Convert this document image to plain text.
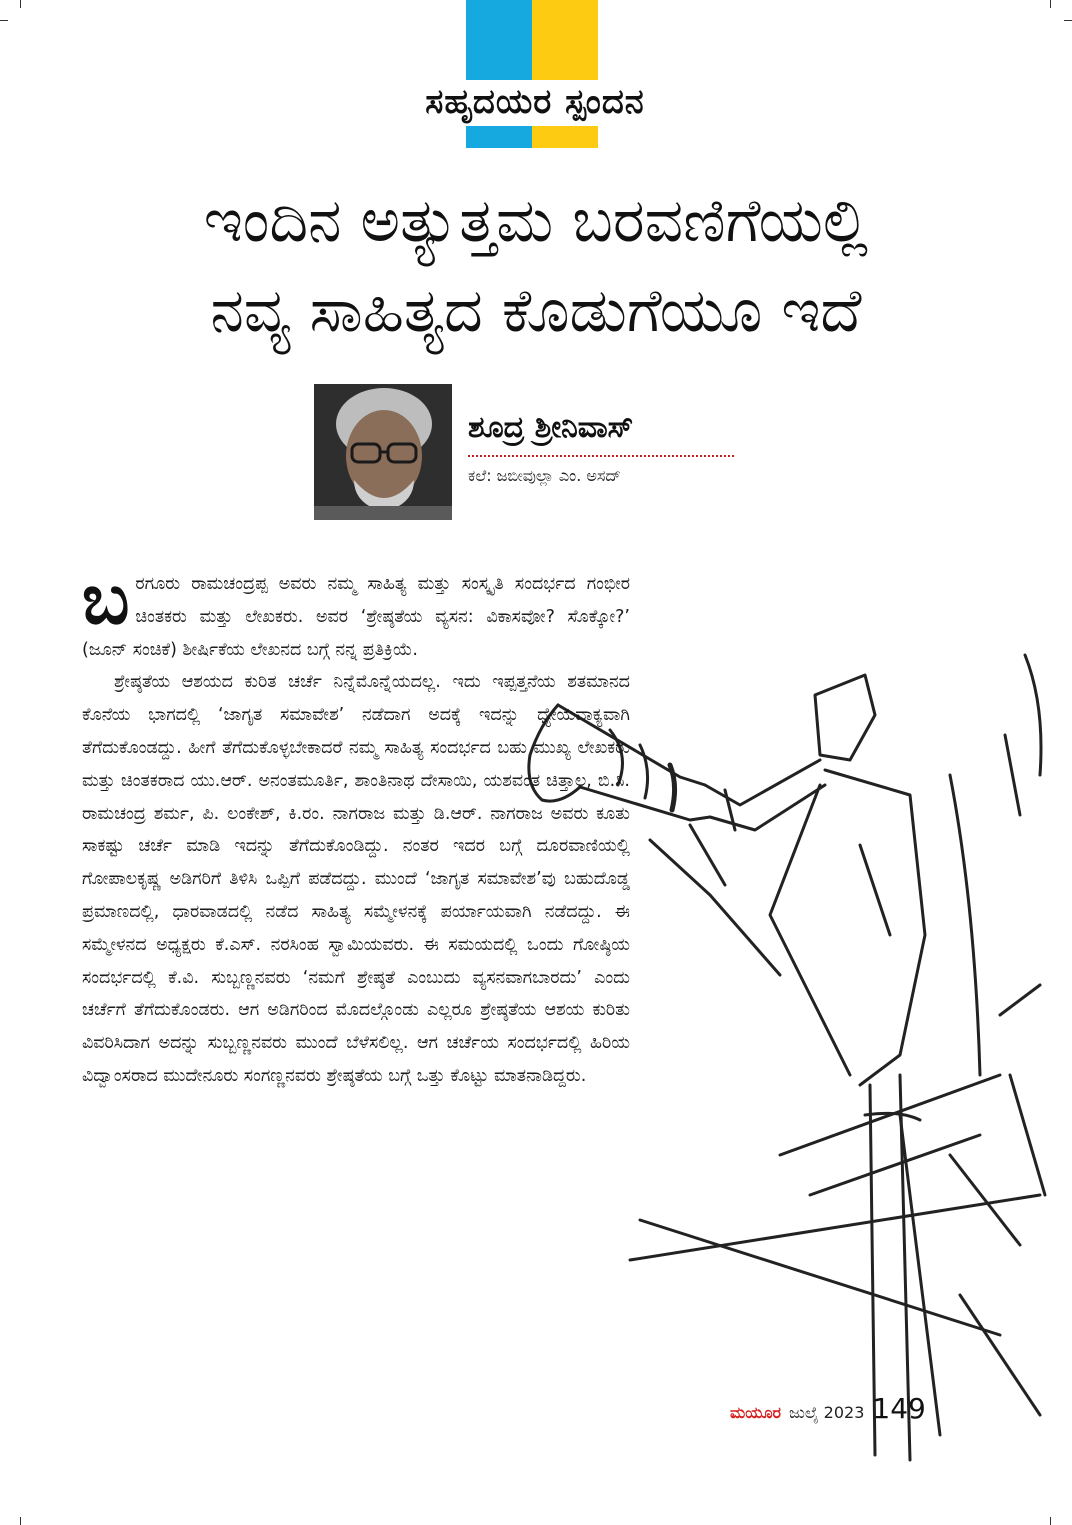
ಸಹೃದಯರ ಸ್ಪಂದನ
ಇಂದಿನ ಅತ್ಯುತ್ತಮ ಬರವಣಿಗೆಯಲ್ಲಿ
ನವ್ಯ ಸಾಹಿತ್ಯದ ಕೊಡುಗೆಯೂ ಇದೆ
ಶೂದ್ರ ಶ್ರೀನಿವಾಸ್
ಕಲೆ: ಜಬೀವುಲ್ಲಾ ಎಂ. ಅಸದ್

ಬರಗೂರು ರಾಮಚಂದ್ರಪ್ಪ ಅವರು ನಮ್ಮ ಸಾಹಿತ್ಯ ಮತ್ತು ಸಂಸ್ಕೃತಿ ಸಂದರ್ಭದ ಗಂಭೀರ ಚಿಂತಕರು ಮತ್ತು ಲೇಖಕರು. ಅವರ ‘ಶ್ರೇಷ್ಠತೆಯ ವ್ಯಸನ: ವಿಕಾಸವೋ? ಸೊಕ್ಕೋ?’ (ಜೂನ್ ಸಂಚಿಕೆ) ಶೀರ್ಷಿಕೆಯ ಲೇಖನದ ಬಗ್ಗೆ ನನ್ನ ಪ್ರತಿಕ್ರಿಯೆ.

ಶ್ರೇಷ್ಠತೆಯ ಆಶಯದ ಕುರಿತ ಚರ್ಚೆ ನಿನ್ನೆಮೊನ್ನೆಯದಲ್ಲ. ಇದು ಇಪ್ಪತ್ತನೆಯ ಶತಮಾನದ ಕೊನೆಯ ಭಾಗದಲ್ಲಿ ‘ಜಾಗೃತ ಸಮಾವೇಶ’ ನಡೆದಾಗ ಅದಕ್ಕೆ ಇದನ್ನು ಧ್ಯೇಯವಾಕ್ಯವಾಗಿ ತೆಗೆದುಕೊಂಡದ್ದು. ಹೀಗೆ ತೆಗೆದುಕೊಳ್ಳಬೇಕಾದರೆ ನಮ್ಮ ಸಾಹಿತ್ಯ ಸಂದರ್ಭದ ಬಹು ಮುಖ್ಯ ಲೇಖಕರು ಮತ್ತು ಚಿಂತಕರಾದ ಯು.ಆರ್. ಅನಂತಮೂರ್ತಿ, ಶಾಂತಿನಾಥ ದೇಸಾಯಿ, ಯಶವಂತ ಚಿತ್ತಾಲ, ಬಿ.ಸಿ. ರಾಮಚಂದ್ರ ಶರ್ಮ, ಪಿ. ಲಂಕೇಶ್, ಕಿ.ರಂ. ನಾಗರಾಜ ಮತ್ತು ಡಿ.ಆರ್. ನಾಗರಾಜ ಅವರು ಕೂತು ಸಾಕಷ್ಟು ಚರ್ಚೆ ಮಾಡಿ ಇದನ್ನು ತೆಗೆದುಕೊಂಡಿದ್ದು. ನಂತರ ಇದರ ಬಗ್ಗೆ ದೂರವಾಣಿಯಲ್ಲಿ ಗೋಪಾಲಕೃಷ್ಣ ಅಡಿಗರಿಗೆ ತಿಳಿಸಿ ಒಪ್ಪಿಗೆ ಪಡೆದದ್ದು. ಮುಂದೆ ‘ಜಾಗೃತ ಸಮಾವೇಶ’ವು ಬಹುದೊಡ್ಡ ಪ್ರಮಾಣದಲ್ಲಿ, ಧಾರವಾಡದಲ್ಲಿ ನಡೆದ ಸಾಹಿತ್ಯ ಸಮ್ಮೇಳನಕ್ಕೆ ಪರ್ಯಾಯವಾಗಿ ನಡೆದದ್ದು. ಈ ಸಮ್ಮೇಳನದ ಅಧ್ಯಕ್ಷರು ಕೆ.ಎಸ್. ನರಸಿಂಹ ಸ್ವಾಮಿಯವರು. ಈ ಸಮಯದಲ್ಲಿ ಒಂದು ಗೋಷ್ಠಿಯ ಸಂದರ್ಭದಲ್ಲಿ ಕೆ.ವಿ. ಸುಬ್ಬಣ್ಣನವರು ‘ನಮಗೆ ಶ್ರೇಷ್ಠತೆ ಎಂಬುದು ವ್ಯಸನವಾಗಬಾರದು’ ಎಂದು ಚರ್ಚೆಗೆ ತೆಗೆದುಕೊಂಡರು. ಆಗ ಅಡಿಗರಿಂದ ಮೊದಲ್ಗೊಂಡು ಎಲ್ಲರೂ ಶ್ರೇಷ್ಠತೆಯ ಆಶಯ ಕುರಿತು ವಿವರಿಸಿದಾಗ ಅದನ್ನು ಸುಬ್ಬಣ್ಣನವರು ಮುಂದೆ ಬೆಳೆಸಲಿಲ್ಲ. ಆಗ ಚರ್ಚೆಯ ಸಂದರ್ಭದಲ್ಲಿ ಹಿರಿಯ ವಿದ್ವಾಂಸರಾದ ಮುದೇನೂರು ಸಂಗಣ್ಣನವರು ಶ್ರೇಷ್ಠತೆಯ ಬಗ್ಗೆ ಒತ್ತು ಕೊಟ್ಟು ಮಾತನಾಡಿದ್ದರು.

ಮಯೂರ ಜುಲೈ 2023 149
